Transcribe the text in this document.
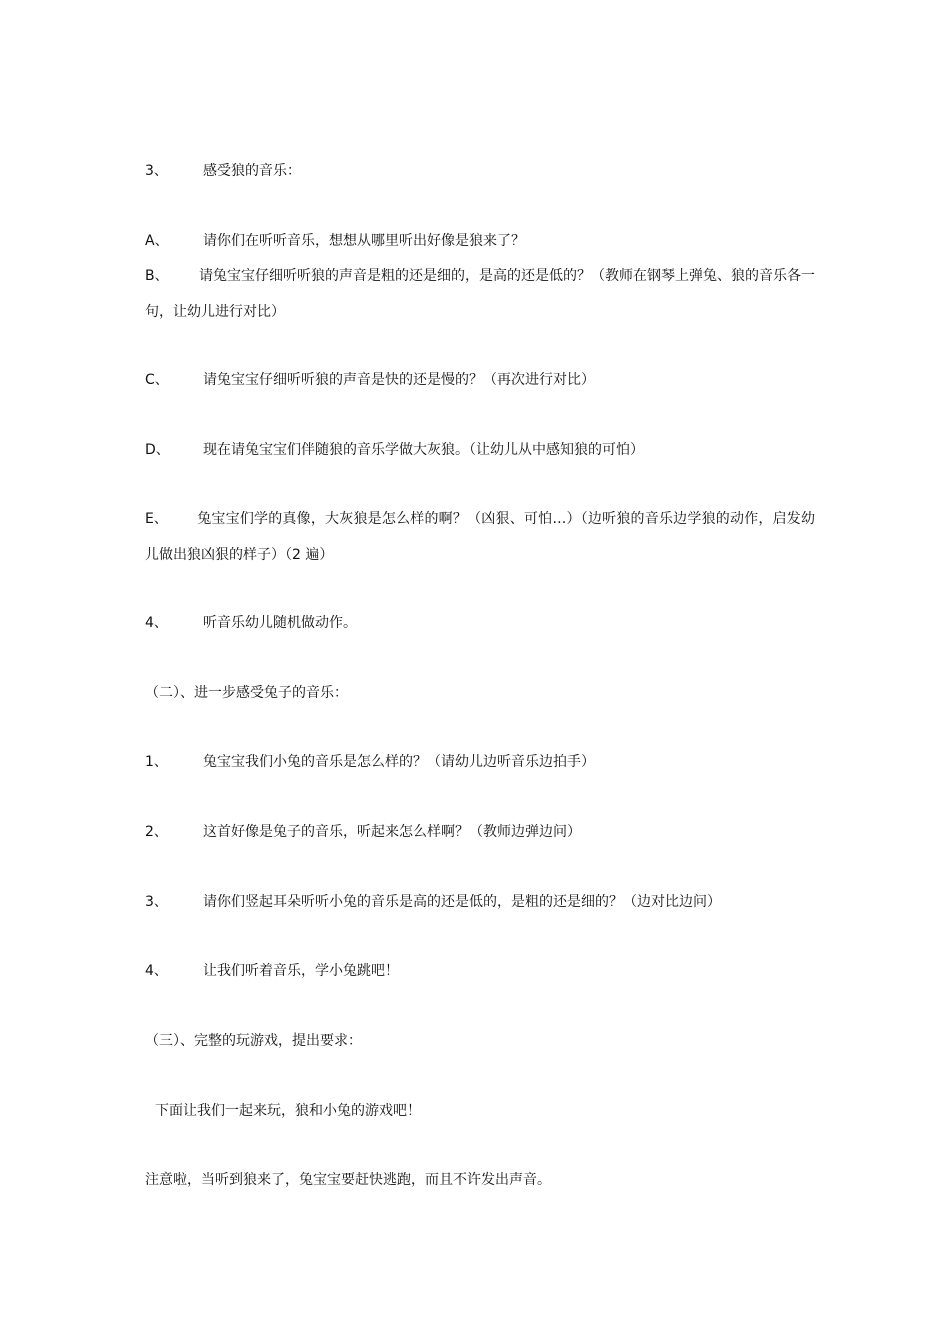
3、	感受狼的音乐：
A、 请你们在听听音乐，想想从哪里听出好像是狼来了？
B、 请兔宝宝仔细听听狼的声音是粗的还是细的，是高的还是低的？（教师在钢琴上弹兔、狼的音乐各一句，让幼儿进行对比）
C、 请兔宝宝仔细听听狼的声音是快的还是慢的？（再次进行对比）
D、 现在请兔宝宝们伴随狼的音乐学做大灰狼。（让幼儿从中感知狼的可怕）
E、 兔宝宝们学的真像，大灰狼是怎么样的啊？（凶狠、可怕…）（边听狼的音乐边学狼的动作，启发幼儿做出狼凶狠的样子）（2 遍）
4、	听音乐幼儿随机做动作。
（二）、进一步感受兔子的音乐：
1、	兔宝宝我们小兔的音乐是怎么样的？（请幼儿边听音乐边拍手）
2、	这首好像是兔子的音乐，听起来怎么样啊？（教师边弹边问）
3、	请你们竖起耳朵听听小兔的音乐是高的还是低的，是粗的还是细的？（边对比边问）
4、	让我们听着音乐，学小兔跳吧！
（三）、完整的玩游戏，提出要求：
下面让我们一起来玩，狼和小兔的游戏吧！
注意啦，当听到狼来了，兔宝宝要赶快逃跑，而且不许发出声音。
